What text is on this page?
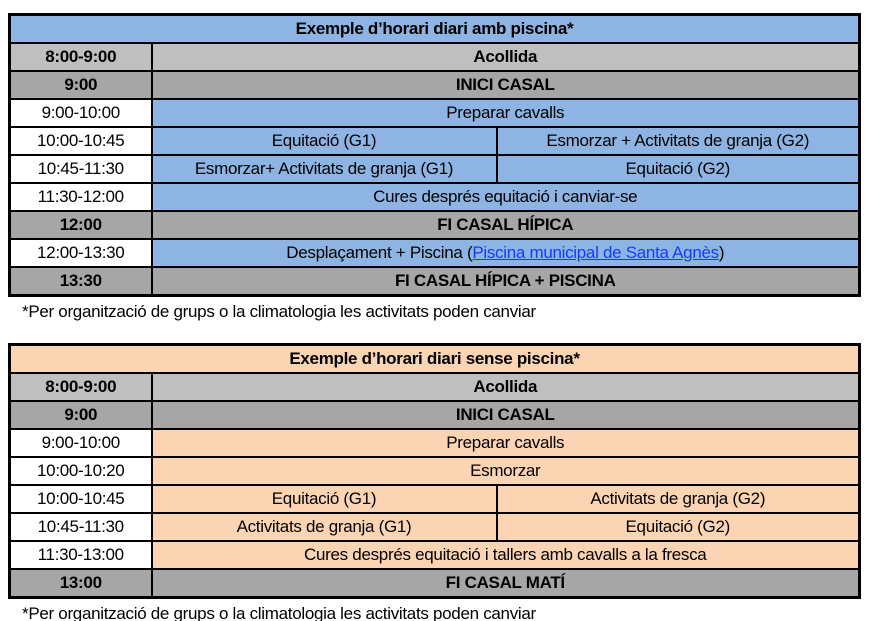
Exemple d’horari diari amb piscina*		
8:00-9:00	Acollida	
9:00	INICI CASAL	
9:00-10:00	Preparar cavalls	
10:00-10:45	Equitació (G1)	Esmorzar + Activitats de granja (G2)
10:45-11:30	Esmorzar+ Activitats de granja (G1)	Equitació (G2)
11:30-12:00	Cures després equitació i canviar-se	
12:00	FI CASAL HÍPICA	
12:00-13:30	Desplaçament + Piscina (Piscina municipal de Santa Agnès)	
13:30	FI CASAL HÍPICA + PISCINA	
*Per organització de grups o la climatologia les activitats poden canviar
Exemple d’horari diari sense piscina*		
8:00-9:00	Acollida	
9:00	INICI CASAL	
9:00-10:00	Preparar cavalls	
10:00-10:20	Esmorzar	
10:00-10:45	Equitació (G1)	Activitats de granja (G2)
10:45-11:30	Activitats de granja (G1)	Equitació (G2)
11:30-13:00	Cures després equitació i tallers amb cavalls a la fresca	
13:00	FI CASAL MATÍ	
*Per organització de grups o la climatologia les activitats poden canviar
